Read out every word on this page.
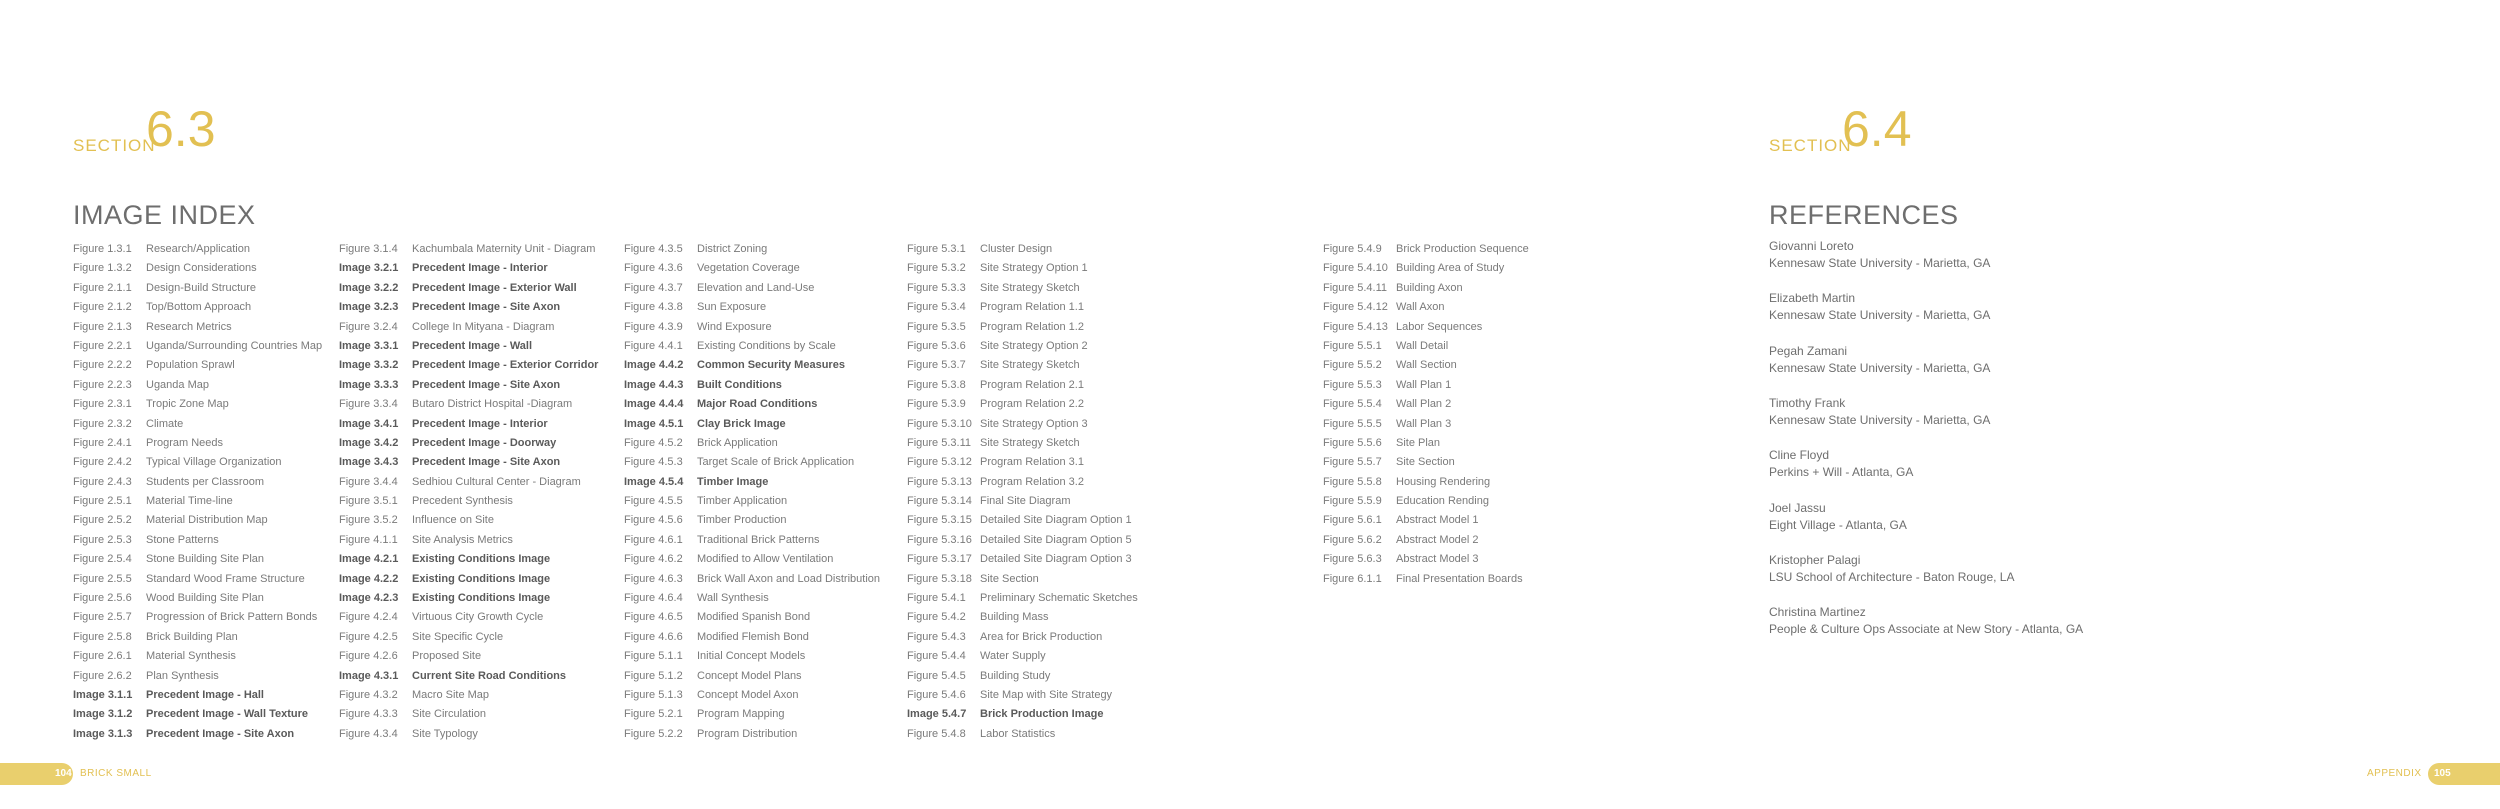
SECTION
6.3
IMAGE INDEX
Figure 1.3.1 Research/Application
Figure 1.3.2 Design Considerations
Figure 2.1.1 Design-Build Structure
Figure 2.1.2 Top/Bottom Approach
Figure 2.1.3 Research Metrics
Figure 2.2.1 Uganda/Surrounding Countries Map
Figure 2.2.2 Population Sprawl
Figure 2.2.3 Uganda Map
Figure 2.3.1 Tropic Zone Map
Figure 2.3.2 Climate
Figure 2.4.1 Program Needs
Figure 2.4.2 Typical Village Organization
Figure 2.4.3 Students per Classroom
Figure 2.5.1 Material Time-line
Figure 2.5.2 Material Distribution Map
Figure 2.5.3 Stone Patterns
Figure 2.5.4 Stone Building Site Plan
Figure 2.5.5 Standard Wood Frame Structure
Figure 2.5.6 Wood Building Site Plan
Figure 2.5.7 Progression of Brick Pattern Bonds
Figure 2.5.8 Brick Building Plan
Figure 2.6.1 Material Synthesis
Figure 2.6.2 Plan Synthesis
Image 3.1.1 Precedent Image - Hall
Image 3.1.2 Precedent Image - Wall Texture
Image 3.1.3 Precedent Image - Site Axon
Figure 3.1.4 Kachumbala Maternity Unit - Diagram
Image 3.2.1 Precedent Image - Interior
Image 3.2.2 Precedent Image - Exterior Wall
Image 3.2.3 Precedent Image - Site Axon
Figure 3.2.4 College In Mityana - Diagram
Image 3.3.1 Precedent Image - Wall
Image 3.3.2 Precedent Image - Exterior Corridor
Image 3.3.3 Precedent Image - Site Axon
Figure 3.3.4 Butaro District Hospital -Diagram
Image 3.4.1 Precedent Image - Interior
Image 3.4.2 Precedent Image - Doorway
Image 3.4.3 Precedent Image - Site Axon
Figure 3.4.4 Sedhiou Cultural Center - Diagram
Figure 3.5.1 Precedent Synthesis
Figure 3.5.2 Influence on Site
Figure 4.1.1 Site Analysis Metrics
Image 4.2.1 Existing Conditions Image
Image 4.2.2 Existing Conditions Image
Image 4.2.3 Existing Conditions Image
Figure 4.2.4 Virtuous City Growth Cycle
Figure 4.2.5 Site Specific Cycle
Figure 4.2.6 Proposed Site
Image 4.3.1 Current Site Road Conditions
Figure 4.3.2 Macro Site Map
Figure 4.3.3 Site Circulation
Figure 4.3.4 Site Typology
Figure 4.3.5 District Zoning
Figure 4.3.6 Vegetation Coverage
Figure 4.3.7 Elevation and Land-Use
Figure 4.3.8 Sun Exposure
Figure 4.3.9 Wind Exposure
Figure 4.4.1 Existing Conditions by Scale
Image 4.4.2 Common Security Measures
Image 4.4.3 Built Conditions
Image 4.4.4 Major Road Conditions
Image 4.5.1 Clay Brick Image
Figure 4.5.2 Brick Application
Figure 4.5.3 Target Scale of Brick Application
Image 4.5.4 Timber Image
Figure 4.5.5 Timber Application
Figure 4.5.6 Timber Production
Figure 4.6.1 Traditional Brick Patterns
Figure 4.6.2 Modified to Allow Ventilation
Figure 4.6.3 Brick Wall Axon and Load Distribution
Figure 4.6.4 Wall Synthesis
Figure 4.6.5 Modified Spanish Bond
Figure 4.6.6 Modified Flemish Bond
Figure 5.1.1 Initial Concept Models
Figure 5.1.2 Concept Model Plans
Figure 5.1.3 Concept Model Axon
Figure 5.2.1 Program Mapping
Figure 5.2.2 Program Distribution
Figure 5.3.1 Cluster Design
Figure 5.3.2 Site Strategy Option 1
Figure 5.3.3 Site Strategy Sketch
Figure 5.3.4 Program Relation 1.1
Figure 5.3.5 Program Relation 1.2
Figure 5.3.6 Site Strategy Option 2
Figure 5.3.7 Site Strategy Sketch
Figure 5.3.8 Program Relation 2.1
Figure 5.3.9 Program Relation 2.2
Figure 5.3.10 Site Strategy Option 3
Figure 5.3.11 Site Strategy Sketch
Figure 5.3.12 Program Relation 3.1
Figure 5.3.13 Program Relation 3.2
Figure 5.3.14 Final Site Diagram
Figure 5.3.15 Detailed Site Diagram Option 1
Figure 5.3.16 Detailed Site Diagram Option 5
Figure 5.3.17 Detailed Site Diagram Option 3
Figure 5.3.18 Site Section
Figure 5.4.1 Preliminary Schematic Sketches
Figure 5.4.2 Building Mass
Figure 5.4.3 Area for Brick Production
Figure 5.4.4 Water Supply
Figure 5.4.5 Building Study
Figure 5.4.6 Site Map with Site Strategy
Image 5.4.7 Brick Production Image
Figure 5.4.8 Labor Statistics
Figure 5.4.9 Brick Production Sequence
Figure 5.4.10 Building Area of Study
Figure 5.4.11 Building Axon
Figure 5.4.12 Wall Axon
Figure 5.4.13 Labor Sequences
Figure 5.5.1 Wall Detail
Figure 5.5.2 Wall Section
Figure 5.5.3 Wall Plan 1
Figure 5.5.4 Wall Plan 2
Figure 5.5.5 Wall Plan 3
Figure 5.5.6 Site Plan
Figure 5.5.7 Site Section
Figure 5.5.8 Housing Rendering
Figure 5.5.9 Education Rending
Figure 5.6.1 Abstract Model 1
Figure 5.6.2 Abstract Model 2
Figure 5.6.3 Abstract Model 3
Figure 6.1.1 Final Presentation Boards
SECTION
6.4
REFERENCES
Giovanni Loreto
Kennesaw State University - Marietta, GA
Elizabeth Martin
Kennesaw State University - Marietta, GA
Pegah Zamani
Kennesaw State University - Marietta, GA
Timothy Frank
Kennesaw State University - Marietta, GA
Cline Floyd
Perkins + Will - Atlanta, GA
Joel Jassu
Eight Village - Atlanta, GA
Kristopher Palagi
LSU School of Architecture - Baton Rouge, LA
Christina Martinez
People & Culture Ops Associate at New Story - Atlanta, GA
104 BRICK SMALL	105
APPENDIX
